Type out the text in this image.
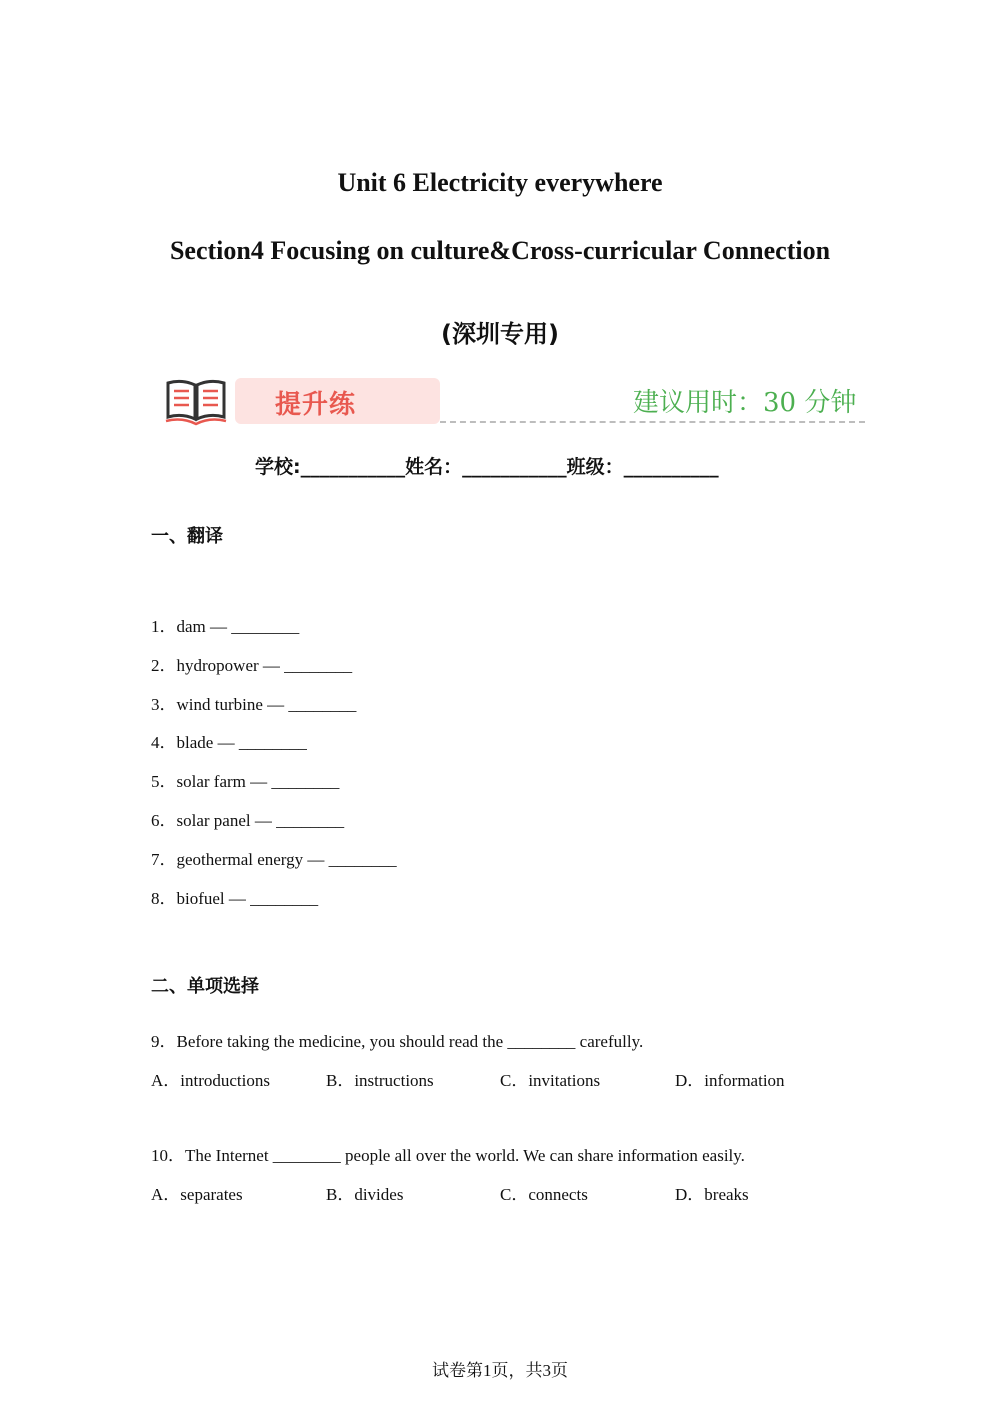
Unit 6 Electricity everywhere
Section4 Focusing on culture&Cross-curricular Connection
(深圳专用)
提升练	建议用时：30 分钟
学校:___________姓名：___________班级：__________
一、翻译
1．dam — ________
2．hydropower — ________
3．wind turbine — ________
4．blade — ________
5．solar farm — ________
6．solar panel — ________
7．geothermal energy — ________
8．biofuel — ________
二、单项选择
9．Before taking the medicine, you should read the ________ carefully.
A．introductions	B．instructions	C．invitations	D．information
10．The Internet ________ people all over the world. We can share information easily.
A．separates	B．divides	C．connects	D．breaks
试卷第1页，共3页
